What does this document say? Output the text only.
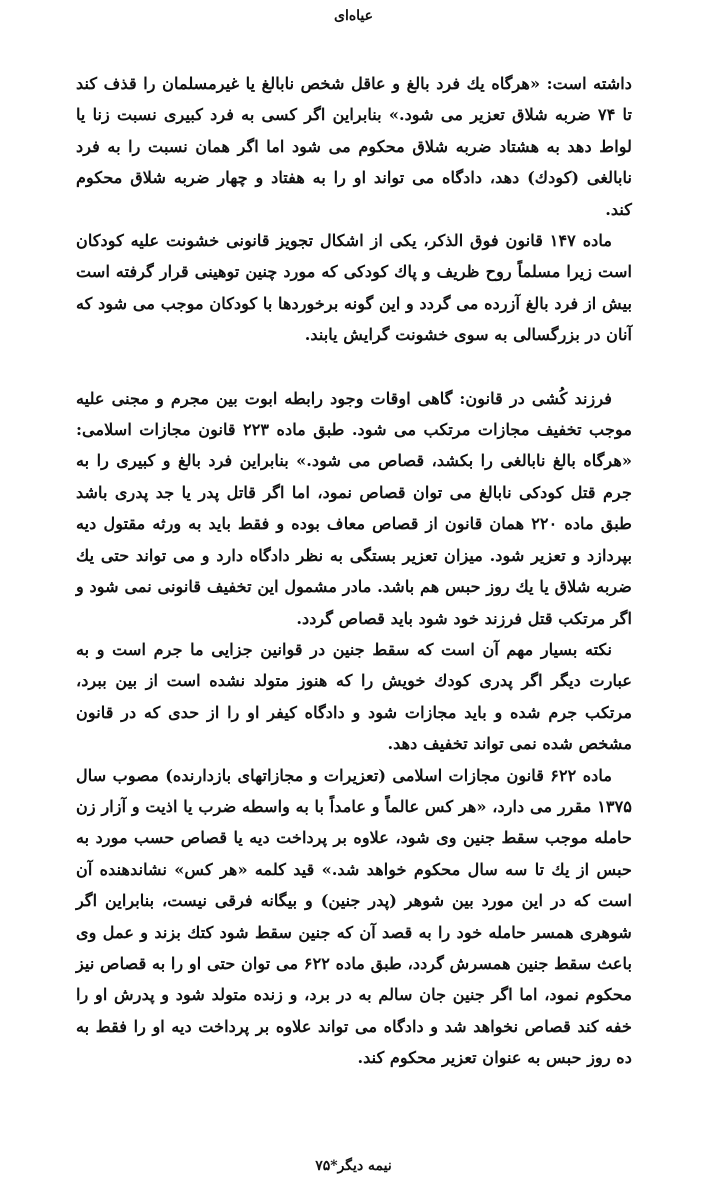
عیاه‌ای

داشته است: «هرگاه یك فرد بالغ و عاقل شخص نابالغ یا غیرمسلمان را قذف كند تا ۷۴ ضربه شلاق تعزیر می شود.» بنابراین اگر كسی به فرد كبیری نسبت زنا یا لواط دهد به هشتاد ضربه شلاق محكوم می شود اما اگر همان نسبت را به فرد نابالغی (كودك) دهد، دادگاه می تواند او را به هفتاد و چهار ضربه شلاق محكوم كند.

ماده ۱۴۷ قانون فوق الذكر، یكی از اشكال تجویز قانونی خشونت علیه كودكان است زیرا مسلماً روح ظریف و پاك كودكی كه مورد چنین توهینی قرار گرفته است بیش از فرد بالغ آزرده می گردد و این گونه برخوردها با كودكان موجب می شود كه آنان در بزرگسالی به سوی خشونت گرایش یابند.

فرزند كُشی در قانون: گاهی اوقات وجود رابطه ابوت بین مجرم و مجنی علیه موجب تخفیف مجازات مرتكب می شود. طبق ماده ۲۲۳ قانون مجازات اسلامی: «هرگاه بالغ نابالغی را بكشد، قصاص می شود.» بنابراین فرد بالغ و كبیری را به جرم قتل كودكی نابالغ می توان قصاص نمود، اما اگر قاتل پدر یا جد پدری باشد طبق ماده ۲۲۰ همان قانون از قصاص معاف بوده و فقط باید به ورثه مقتول دیه بپردازد و تعزیر شود. میزان تعزیر بستگی به نظر دادگاه دارد و می تواند حتی یك ضربه شلاق یا یك روز حبس هم باشد. مادر مشمول این تخفیف قانونی نمی شود و اگر مرتكب قتل فرزند خود شود باید قصاص گردد.

نكته بسیار مهم آن است كه سقط جنین در قوانین جزایی ما جرم است و به عبارت دیگر اگر پدری كودك خویش را كه هنوز متولد نشده است از بین ببرد، مرتكب جرم شده و باید مجازات شود و دادگاه كیفر او را از حدی كه در قانون مشخص شده نمی تواند تخفیف دهد.

ماده ۶۲۲ قانون مجازات اسلامی (تعزیرات و مجازاتهای بازدارنده) مصوب سال ۱۳۷۵ مقرر می دارد، «هر كس عالماً و عامداً با به واسطه ضرب یا اذیت و آزار زن حامله موجب سقط جنین وی شود، علاوه بر پرداخت دیه یا قصاص حسب مورد به حبس از یك تا سه سال محكوم خواهد شد.» قید كلمه «هر كس» نشاندهنده آن است كه در این مورد بین شوهر (پدر جنین) و بیگانه فرقی نیست، بنابراین اگر شوهری همسر حامله خود را به قصد آن كه جنین سقط شود كتك بزند و عمل وی باعث سقط جنین همسرش گردد، طبق ماده ۶۲۲ می توان حتی او را به قصاص نیز محكوم نمود، اما اگر جنین جان سالم به در برد، و زنده متولد شود و پدرش او را خفه كند قصاص نخواهد شد و دادگاه می تواند علاوه بر پرداخت دیه او را فقط به ده روز حبس به عنوان تعزیر محكوم كند.

نیمه دیگر*۷۵
